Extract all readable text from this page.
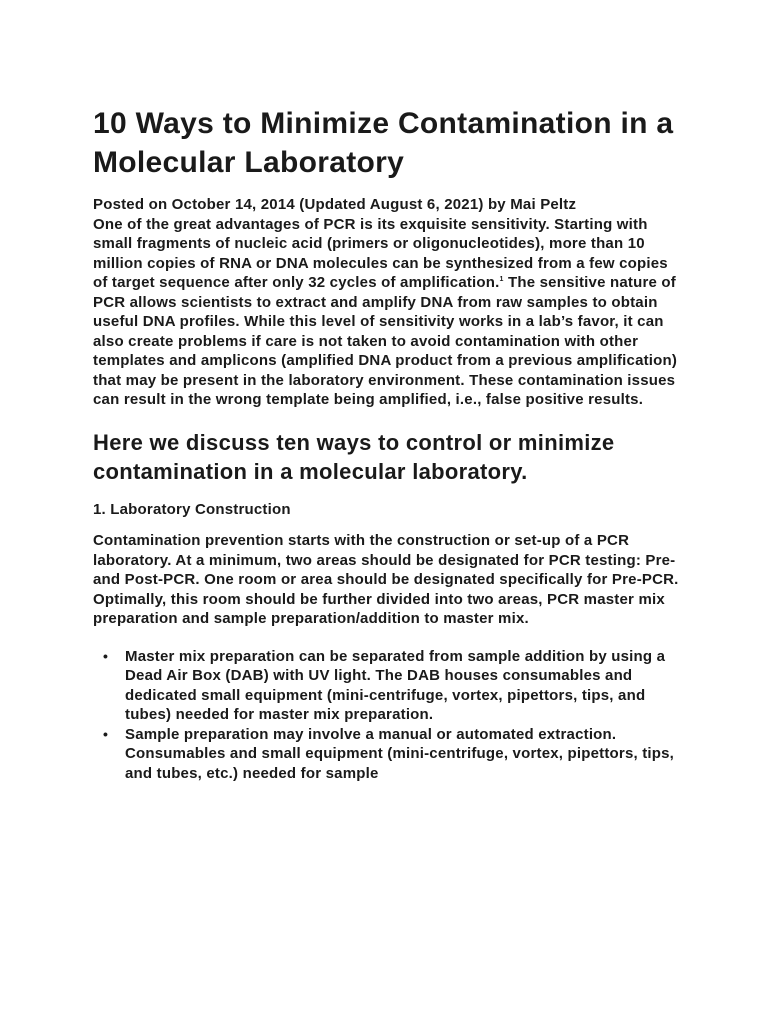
10 Ways to Minimize Contamination in a Molecular Laboratory
Posted on October 14, 2014 (Updated August 6, 2021) by Mai Peltz

One of the great advantages of PCR is its exquisite sensitivity. Starting with small fragments of nucleic acid (primers or oligonucleotides), more than 10 million copies of RNA or DNA molecules can be synthesized from a few copies of target sequence after only 32 cycles of amplification.$^1$ The sensitive nature of PCR allows scientists to extract and amplify DNA from raw samples to obtain useful DNA profiles. While this level of sensitivity works in a lab’s favor, it can also create problems if care is not taken to avoid contamination with other templates and amplicons (amplified DNA product from a previous amplification) that may be present in the laboratory environment. These contamination issues can result in the wrong template being amplified, i.e., false positive results.

Here we discuss ten ways to control or minimize contamination in a molecular laboratory.
1. Laboratory Construction

Contamination prevention starts with the construction or set-up of a PCR laboratory. At a minimum, two areas should be designated for PCR testing: Pre- and Post-PCR. One room or area should be designated specifically for Pre-PCR. Optimally, this room should be further divided into two areas, PCR master mix preparation and sample preparation/addition to master mix.

• Master mix preparation can be separated from sample addition by using a Dead Air Box (DAB) with UV light. The DAB houses consumables and dedicated small equipment (mini-centrifuge, vortex, pipettors, tips, and tubes) needed for master mix preparation.
• Sample preparation may involve a manual or automated extraction. Consumables and small equipment (mini-centrifuge, vortex, pipettors, tips, and tubes, etc.) needed for sample
